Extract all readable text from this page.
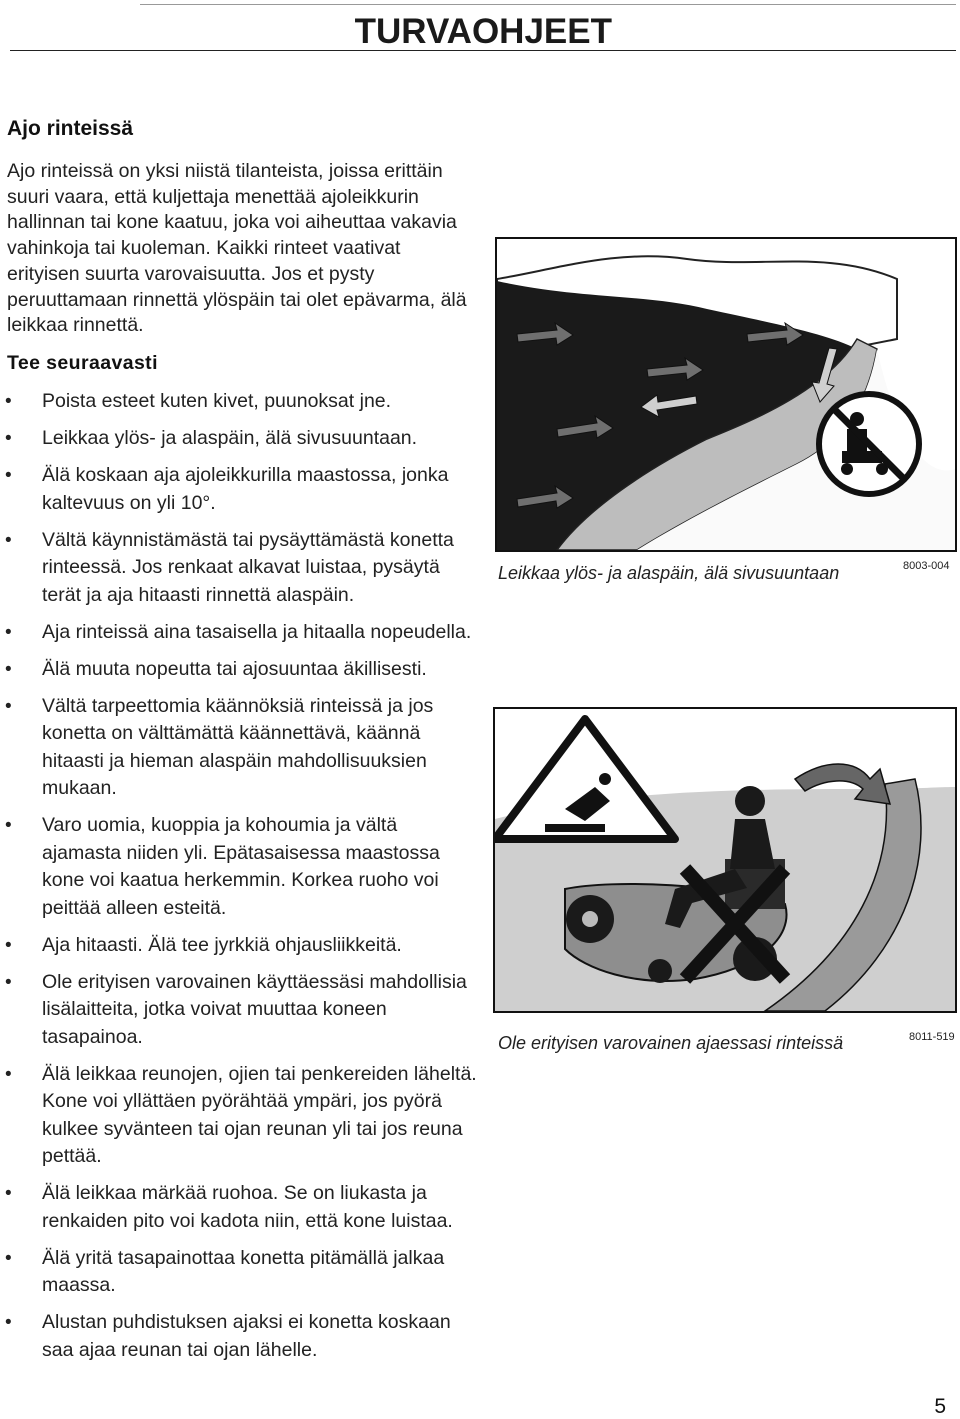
TURVAOHJEET
Ajo rinteissä
Ajo rinteissä on yksi niistä tilanteista, joissa erittäin suuri vaara, että kuljettaja menettää ajoleikkurin hallinnan tai kone kaatuu, joka voi aiheuttaa vakavia vahinkoja tai kuoleman. Kaikki rinteet vaativat erityisen suurta varovaisuutta. Jos et pysty peruuttamaan rinnettä ylöspäin tai olet epävarma, älä leikkaa rinnettä.
Tee seuraavasti
• Poista esteet kuten kivet, puunoksat jne.
• Leikkaa ylös- ja alaspäin, älä sivusuuntaan.
• Älä koskaan aja ajoleikkurilla maastossa, jonka kaltevuus on yli 10°.
• Vältä käynnistämästä tai pysäyttämästä konetta rinteessä. Jos renkaat alkavat luistaa, pysäytä terät ja aja hitaasti rinnettä alaspäin.
• Aja rinteissä aina tasaisella ja hitaalla nopeudella.
• Älä muuta nopeutta tai ajosuuntaa äkillisesti.
• Vältä tarpeettomia käännöksiä rinteissä ja jos konetta on välttämättä käännettävä, käännä hitaasti ja hieman alaspäin mahdollisuuksien mukaan.
• Varo uomia, kuoppia ja kohoumia ja vältä ajamasta niiden yli. Epätasaisessa maastossa kone voi kaatua herkemmin. Korkea ruoho voi peittää alleen esteitä.
• Aja hitaasti. Älä tee jyrkkiä ohjausliikkeitä.
• Ole erityisen varovainen käyttäessäsi mahdollisia lisälaitteita, jotka voivat muuttaa koneen tasapainoa.
• Älä leikkaa reunojen, ojien tai penkereiden läheltä. Kone voi yllättäen pyörähtää ympäri, jos pyörä kulkee syvänteen tai ojan reunan yli tai jos reuna pettää.
• Älä leikkaa märkää ruohoa. Se on liukasta ja renkaiden pito voi kadota niin, että kone luistaa.
• Älä yritä tasapainottaa konetta pitämällä jalkaa maassa.
• Alustan puhdistuksen ajaksi ei konetta koskaan saa ajaa reunan tai ojan lähelle.
Leikkaa ylös- ja alaspäin, älä sivusuuntaan	8003-004
Ole erityisen varovainen ajaessasi rinteissä	8011-519
5
